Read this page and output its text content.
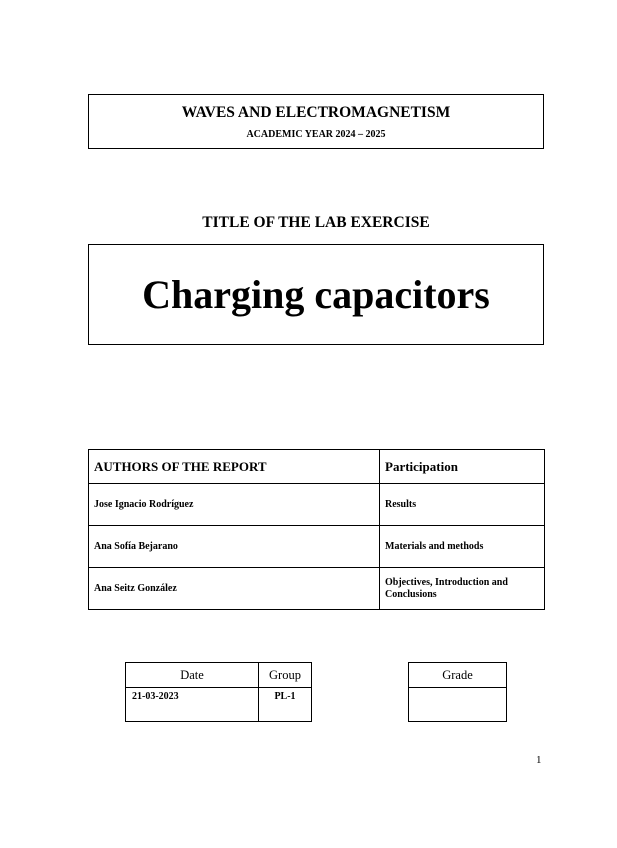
WAVES AND ELECTROMAGNETISM
ACADEMIC YEAR 2024 – 2025
TITLE OF THE LAB EXERCISE
Charging capacitors
AUTHORS OF THE REPORT	Participation
Jose Ignacio Rodríguez	Results
Ana Sofía Bejarano	Materials and methods
Ana Seitz González	Objectives, Introduction and Conclusions
Date	Group
21-03-2023	PL-1
Grade

1
